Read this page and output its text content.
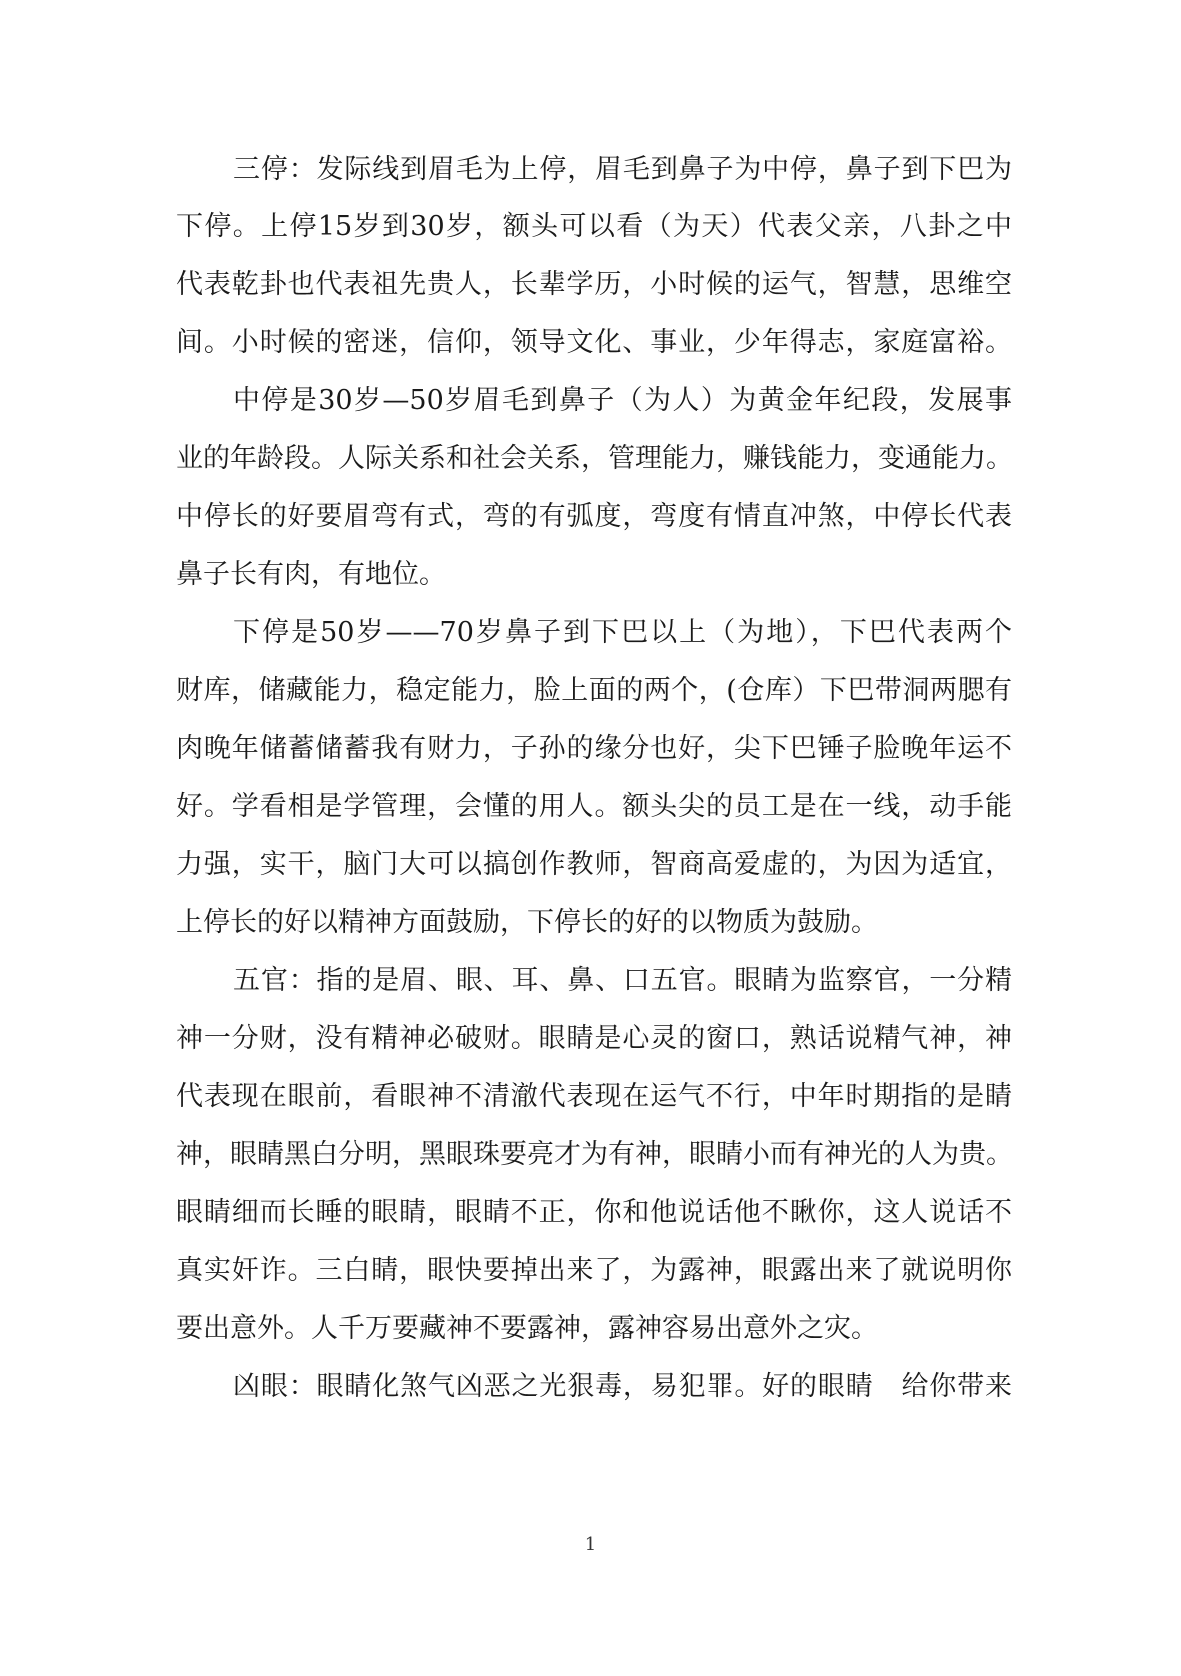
三停：发际线到眉毛为上停，眉毛到鼻子为中停，鼻子到下巴为
下停。上停15岁到30岁，额头可以看（为天）代表父亲，八卦之中
代表乾卦也代表祖先贵人，长辈学历，小时候的运气，智慧，思维空
间。小时候的密迷，信仰，领导文化、事业，少年得志，家庭富裕。
中停是30岁—50岁眉毛到鼻子（为人）为黄金年纪段，发展事
业的年龄段。人际关系和社会关系，管理能力，赚钱能力，变通能力。
中停长的好要眉弯有式，弯的有弧度，弯度有情直冲煞，中停长代表
鼻子长有肉，有地位。
下停是50岁——70岁鼻子到下巴以上（为地），下巴代表两个
财库，储藏能力，稳定能力，脸上面的两个，(仓库）下巴带洞两腮有
肉晚年储蓄储蓄我有财力，子孙的缘分也好，尖下巴锤子脸晚年运不
好。学看相是学管理，会懂的用人。额头尖的员工是在一线，动手能
力强，实干，脑门大可以搞创作教师，智商高爱虚的，为因为适宜，
上停长的好以精神方面鼓励，下停长的好的以物质为鼓励。
五官：指的是眉、眼、耳、鼻、口五官。眼睛为监察官，一分精
神一分财，没有精神必破财。眼睛是心灵的窗口，熟话说精气神，神
代表现在眼前，看眼神不清澈代表现在运气不行，中年时期指的是睛
神，眼睛黑白分明，黑眼珠要亮才为有神，眼睛小而有神光的人为贵。
眼睛细而长睡的眼睛，眼睛不正，你和他说话他不瞅你，这人说话不
真实奸诈。三白睛，眼快要掉出来了，为露神，眼露出来了就说明你
要出意外。人千万要藏神不要露神，露神容易出意外之灾。
凶眼：眼睛化煞气凶恶之光狠毒，易犯罪。好的眼睛　给你带来
1
